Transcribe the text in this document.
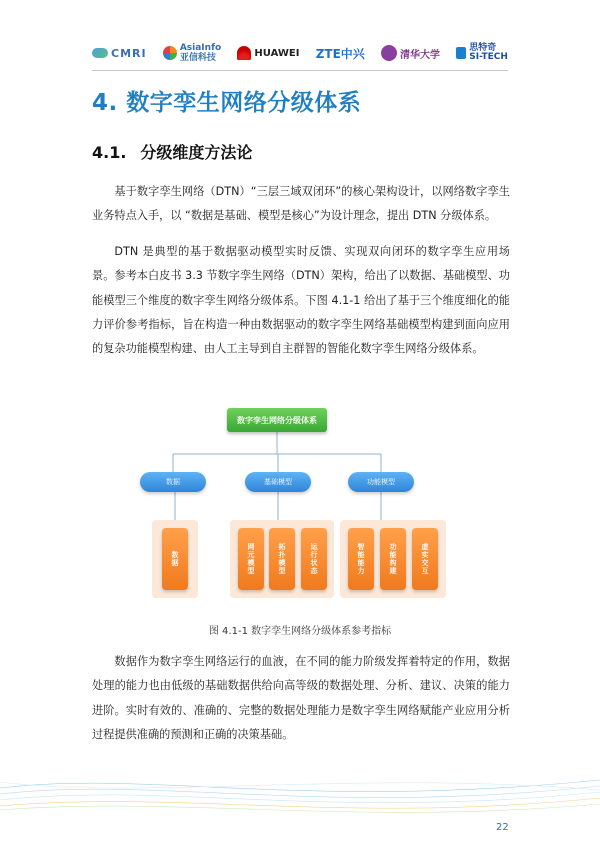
CMRI	AsiaInfo
亚信科技	HUAWEI ZTE中兴	清华大学
思特奇
SI-TECH
4. 数字孪生网络分级体系
4.1. 分级维度方法论
基于数字孪生网络（DTN）“三层三域双闭环”的核心架构设计，以网络数字孪生业务特点入手，以 “数据是基础、模型是核心”为设计理念，提出 DTN 分级体系。
DTN 是典型的基于数据驱动模型实时反馈、实现双向闭环的数字孪生应用场景。参考本白皮书 3.3 节数字孪生网络（DTN）架构，给出了以数据、基础模型、功能模型三个维度的数字孪生网络分级体系。下图 4.1-1 给出了基于三个维度细化的能力评价参考指标，旨在构造一种由数据驱动的数字孪生网络基础模型构建到面向应用的复杂功能模型构建、由人工主导到自主群智的智能化数字孪生网络分级体系。
数字孪生网络分级体系
数据	基础模型	功能模型
数据	网元模型	拓扑模型	运行状态	智能能力	功能构建	虚实交互
图 4.1-1 数字孪生网络分级体系参考指标
数据作为数字孪生网络运行的血液，在不同的能力阶级发挥着特定的作用，数据处理的能力也由低级的基础数据供给向高等级的数据处理、分析、建议、决策的能力进阶。实时有效的、准确的、完整的数据处理能力是数字孪生网络赋能产业应用分析过程提供准确的预测和正确的决策基础。
22
